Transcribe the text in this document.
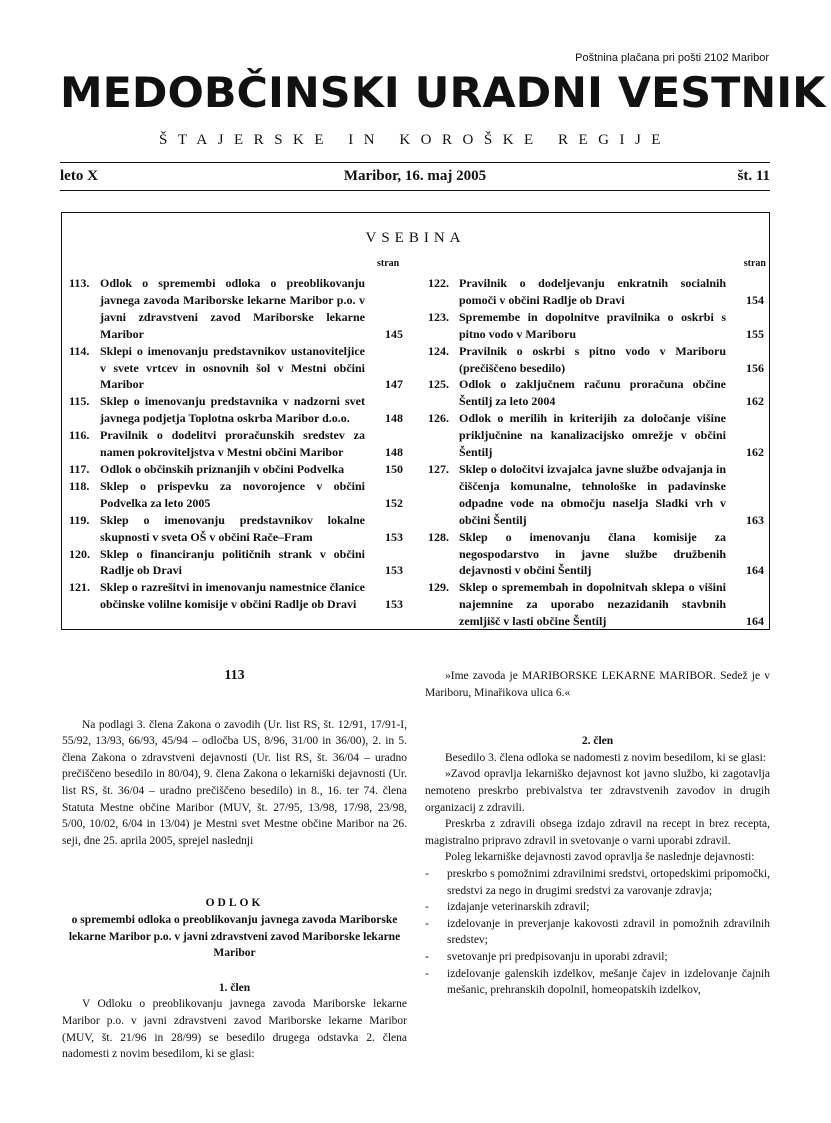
Poštnina plačana pri pošti 2102 Maribor
MEDOBČINSKI URADNI VESTNIK
ŠTAJERSKE IN KOROŠKE REGIJE
leto X	Maribor, 16. maj 2005	št. 11
VSEBINA
stran	stran
113. Odlok o spremembi odloka o preoblikovanju javnega zavoda Mariborske lekarne Maribor p.o. v javni zdravstveni zavod Mariborske lekarne Maribor	145
114. Sklepi o imenovanju predstavnikov ustanoviteljice v svete vrtcev in osnovnih šol v Mestni občini Maribor	147
115. Sklep o imenovanju predstavnika v nadzorni svet javnega podjetja Toplotna oskrba Maribor d.o.o.	148
116. Pravilnik o dodelitvi proračunskih sredstev za namen pokroviteljstva v Mestni občini Maribor	148
117. Odlok o občinskih priznanjih v občini Podvelka	150
118. Sklep o prispevku za novorojence v občini Podvelka za leto 2005	152
119. Sklep o imenovanju predstavnikov lokalne skupnosti v sveta OŠ v občini Rače–Fram	153
120. Sklep o financiranju političnih strank v občini Radlje ob Dravi	153
121. Sklep o razrešitvi in imenovanju namestnice članice občinske volilne komisije v občini Radlje ob Dravi	153
122. Pravilnik o dodeljevanju enkratnih socialnih pomoči v občini Radlje ob Dravi	154
123. Spremembe in dopolnitve pravilnika o oskrbi s pitno vodo v Mariboru	155
124. Pravilnik o oskrbi s pitno vodo v Mariboru (prečiščeno besedilo)	156
125. Odlok o zaključnem računu proračuna občine Šentilj za leto 2004	162
126. Odlok o merilih in kriterijih za določanje višine priključnine na kanalizacijsko omrežje v občini Šentilj	162
127. Sklep o določitvi izvajalca javne službe odvajanja in čiščenja komunalne, tehnološke in padavinske odpadne vode na območju naselja Sladki vrh v občini Šentilj	163
128. Sklep o imenovanju člana komisije za negospodarstvo in javne službe družbenih dejavnosti v občini Šentilj	164
129. Sklep o spremembah in dopolnitvah sklepa o višini najemnine za uporabo nezazidanih stavbnih zemljišč v lasti občine Šentilj	164

113

Na podlagi 3. člena Zakona o zavodih (Ur. list RS, št. 12/91, 17/91-I, 55/92, 13/93, 66/93, 45/94 – odločba US, 8/96, 31/00 in 36/00), 2. in 5. člena Zakona o zdravstveni dejavnosti (Ur. list RS, št. 36/04 – uradno prečiščeno besedilo in 80/04), 9. člena Zakona o lekarniški dejavnosti (Ur. list RS, št. 36/04 – uradno prečiščeno besedilo) in 8., 16. ter 74. člena Statuta Mestne občine Maribor (MUV, št. 27/95, 13/98, 17/98, 23/98, 5/00, 10/02, 6/04 in 13/04) je Mestni svet Mestne občine Maribor na 26. seji, dne 25. aprila 2005, sprejel naslednji

ODLOK

o spremembi odloka o preoblikovanju javnega zavoda Mariborske lekarne Maribor p.o. v javni zdravstveni zavod Mariborske lekarne Maribor

1. člen

V Odloku o preoblikovanju javnega zavoda Mariborske lekarne Maribor p.o. v javni zdravstveni zavod Mariborske lekarne Maribor (MUV, št. 21/96 in 28/99) se besedilo drugega odstavka 2. člena nadomesti z novim besedilom, ki se glasi:

»Ime zavoda je MARIBORSKE LEKARNE MARIBOR. Sedež je v Mariboru, Minařikova ulica 6.«

2. člen

Besedilo 3. člena odloka se nadomesti z novim besedilom, ki se glasi:

»Zavod opravlja lekarniško dejavnost kot javno službo, ki zagotavlja nemoteno preskrbo prebivalstva ter zdravstvenih zavodov in drugih organizacij z zdravili.

Preskrba z zdravili obsega izdajo zdravil na recept in brez recepta, magistralno pripravo zdravil in svetovanje o varni uporabi zdravil.

Poleg lekarniške dejavnosti zavod opravlja še naslednje dejavnosti:

-	preskrbo s pomožnimi zdravilnimi sredstvi, ortopedskimi pripomočki, sredstvi za nego in drugimi sredstvi za varovanje zdravja;
-	izdajanje veterinarskih zdravil;
-	izdelovanje in preverjanje kakovosti zdravil in pomožnih zdravilnih sredstev;
-	svetovanje pri predpisovanju in uporabi zdravil;
-	izdelovanje galenskih izdelkov, mešanje čajev in izdelovanje čajnih mešanic, prehranskih dopolnil, homeopatskih izdelkov,
